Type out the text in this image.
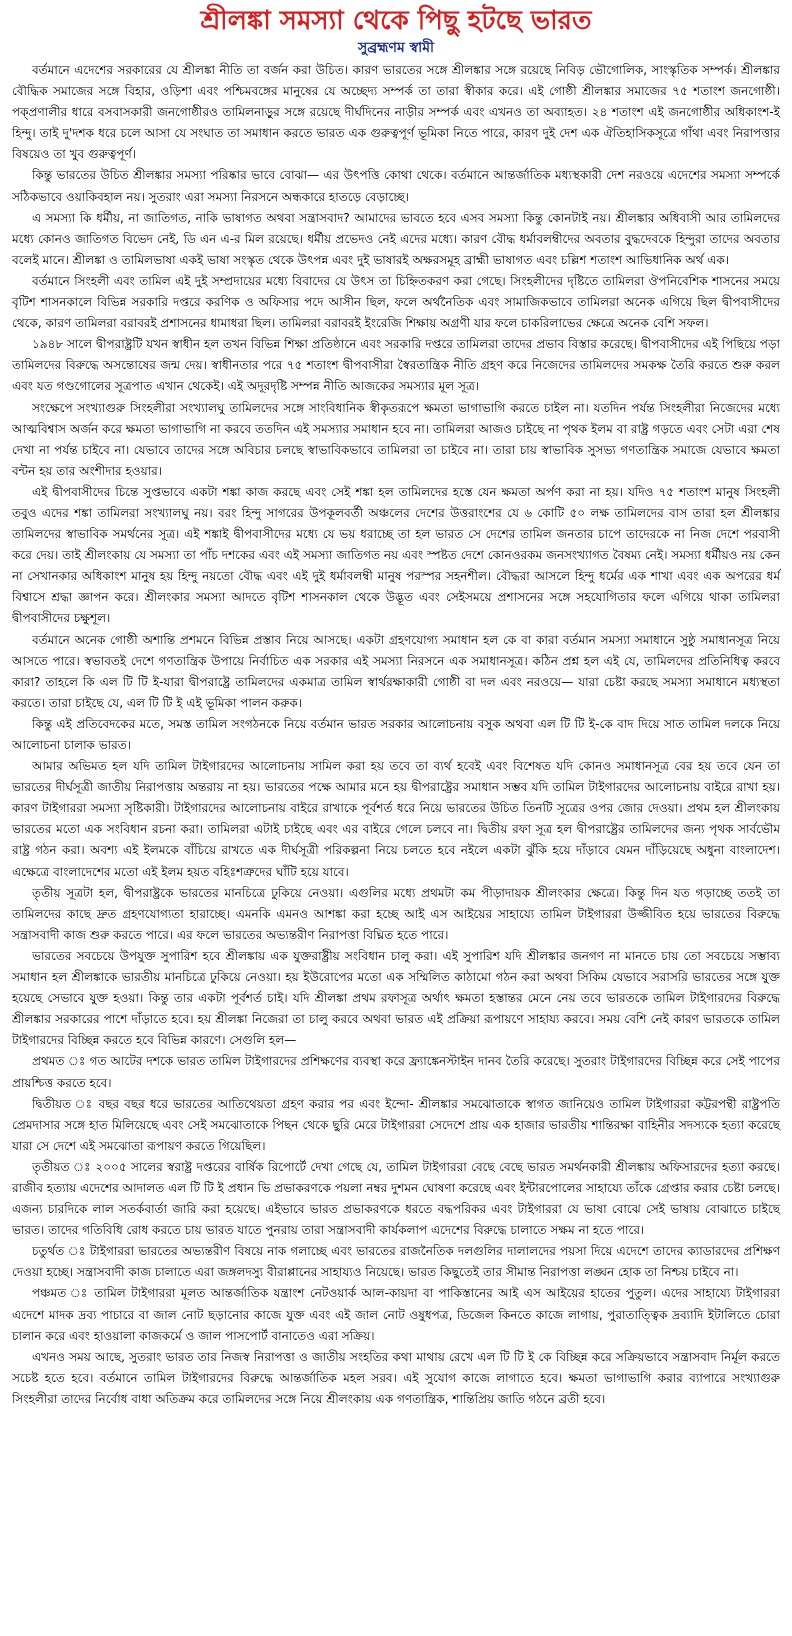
শ্রীলঙ্কা সমস্যা থেকে পিছু হটছে ভারত
সুব্রহ্মণম স্বামী

বর্তমানে এদেশের সরকারের যে শ্রীলঙ্কা নীতি তা বর্জন করা উচিত। কারণ ভারতের সঙ্গে শ্রীলঙ্কার সঙ্গে রয়েছে নিবিড় ভৌগোলিক, সাংস্কৃতিক সম্পর্ক। শ্রীলঙ্কার বৌদ্ধিক সমাজের সঙ্গে বিহার, ওড়িশা এবং পশ্চিমবঙ্গের মানুষের যে অচ্ছেদ্য সম্পর্ক তা তারা স্বীকার করে। এই গোষ্ঠী শ্রীলঙ্কার সমাজের ৭৫ শতাংশ জনগোষ্ঠী। পক্প্রণালীর ধারে বসবাসকারী জনগোষ্ঠীরও তামিলনাড়ুর সঙ্গে রয়েছে দীর্ঘদিনের নাড়ীর সম্পর্ক এবং এখনও তা অব্যাহত। ২৪ শতাংশ এই জনগোষ্ঠীর অধিকাংশ-ই হিন্দু। তাই দু'দশক ধরে চলে আসা যে সংঘাত তা সমাধান করতে ভারত এক গুরুত্বপূর্ণ ভূমিকা নিতে পারে, কারণ দুই দেশ এক ঐতিহাসিকসূত্রে গাঁথা এবং নিরাপত্তার বিষয়েও তা খুব গুরুত্বপূর্ণ।

কিন্তু ভারতের উচিত শ্রীলঙ্কার সমস্যা পরিষ্কার ভাবে বোঝা— এর উৎপত্তি কোথা থেকে। বর্তমানে আন্তর্জাতিক মধ্যস্থকারী দেশ নরওয়ে এদেশের সমস্যা সম্পর্কে সঠিকভাবে ওয়াকিবহাল নয়। সুতরাং এরা সমস্যা নিরসনে অন্ধকারে হাতড়ে বেড়াচ্ছে।

এ সমস্যা কি ধর্মীয়, না জাতিগত, নাকি ভাষাগত অথবা সন্ত্রাসবাদ? আমাদের ভাবতে হবে এসব সমস্যা কিন্তু কোনটাই নয়। শ্রীলঙ্কার অধিবাসী আর তামিলদের মধ্যে কোনও জাতিগত বিভেদ নেই, ডি এন এ-র মিল রয়েছে। ধর্মীয় প্রভেদও নেই এদের মধ্যে। কারণ বৌদ্ধ ধর্মাবলম্বীদের অবতার বুদ্ধদেবকে হিন্দুরা তাদের অবতার বলেই মানে। শ্রীলঙ্কা ও তামিলভাষা একই ভাষা সংস্কৃত থেকে উৎপন্ন এবং দুই ভাষারই অক্ষরসমূহ ব্রাহ্মী ভাষাগত এবং চল্লিশ শতাংশ আভিধানিক অর্থ এক।

বর্তমানে সিংহলী এবং তামিল এই দুই সম্প্রদায়ের মধ্যে বিবাদের যে উৎস তা চিহ্নিতকরণ করা গেছে। সিংহলীদের দৃষ্টিতে তামিলরা ঔপনিবেশিক শাসনের সময়ে বৃটিশ শাসনকালে বিভিন্ন সরকারি দপ্তরে করণিক ও অফিসার পদে আসীন ছিল, ফলে অর্থনৈতিক এবং সামাজিকভাবে তামিলরা অনেক এগিয়ে ছিল দ্বীপবাসীদের থেকে, কারণ তামিলরা বরাবরই প্রশাসনের ধামাধরা ছিল। তামিলরা বরাবরই ইংরেজি শিক্ষায় অগ্রণী যার ফলে চাকরিলাভের ক্ষেত্রে অনেক বেশি সফল।

১৯৪৮ সালে দ্বীপরাষ্ট্রটি যখন স্বাধীন হল তখন বিভিন্ন শিক্ষা প্রতিষ্ঠানে এবং সরকারি দপ্তরে তামিলরা তাদের প্রভাব বিস্তার করেছে। দ্বীপবাসীদের এই পিছিয়ে পড়া তামিলদের বিরুদ্ধে অসন্তোষের জন্ম দেয়। স্বাধীনতার পরে ৭৫ শতাংশ দ্বীপবাসীরা স্বৈরতান্ত্রিক নীতি গ্রহণ করে নিজেদের তামিলদের সমকক্ষ তৈরি করতে শুরু করল এবং যত গণ্ডগোলের সূত্রপাত এখান থেকেই। এই অদূরদৃষ্টি সম্পন্ন নীতি আজকের সমস্যার মূল সূত্র।

সংক্ষেপে সংখ্যাগুরু সিংহলীরা সংখ্যালঘু তামিলদের সঙ্গে সাংবিধানিক স্বীকৃতরূপে ক্ষমতা ভাগাভাগি করতে চাইল না। যতদিন পর্যন্ত সিংহলীরা নিজেদের মধ্যে আত্মবিশ্বাস অর্জন করে ক্ষমতা ভাগাভাগি না করবে ততদিন এই সমস্যার সমাধান হবে না। তামিলরা আজও চাইছে না পৃথক ইলম বা রাষ্ট্র গড়তে এবং সেটা এরা শেষ দেখা না পর্যন্ত চাইবে না। যেভাবে তাদের সঙ্গে অবিচার চলছে স্বাভাবিকভাবে তামিলরা তা চাইবে না। তারা চায় স্বাভাবিক সুসভ্য গণতান্ত্রিক সমাজে যেভাবে ক্ষমতা বন্টন হয় তার অংশীদার হওয়ার।

এই দ্বীপবাসীদের চিন্তে সুপ্তভাবে একটা শঙ্কা কাজ করছে এবং সেই শঙ্কা হল তামিলদের হস্তে যেন ক্ষমতা অর্পণ করা না হয়। যদিও ৭৫ শতাংশ মানুষ সিংহলী তবুও এদের শঙ্কা তামিলরা সংখ্যালঘু নয়। বরং হিন্দু সাগরের উপকূলবর্তী অঞ্চলের দেশের উত্তরাংশের যে ৬ কোটি ৫০ লক্ষ তামিলদের বাস তারা হল শ্রীলঙ্কার তামিলদের স্বাভাবিক সমর্থনের সূত্র। এই শঙ্কাই দ্বীপবাসীদের মধ্যে যে ভয় ধরাচ্ছে তা হল ভারত সে দেশের তামিল জনতার চাপে তাদেরকে না নিজ দেশে পরবাসী করে দেয়। তাই শ্রীলংকায় যে সমস্যা তা পাঁচ দশকের এবং এই সমস্যা জাতিগত নয় এবং স্পষ্টত দেশে কোনওরকম জনসংখ্যাগত বৈষম্য নেই। সমস্যা ধর্মীয়ও নয় কেন না সেখানকার অধিকাংশ মানুষ হয় হিন্দু নয়তো বৌদ্ধ এবং এই দুই ধর্মাবলম্বী মানুষ পরস্পর সহনশীল। বৌদ্ধরা আসলে হিন্দু ধর্মের এক শাখা এবং এক অপরের ধর্ম বিশ্বাসে শ্রদ্ধা জ্ঞাপন করে। শ্রীলংকার সমস্যা আদতে বৃটিশ শাসনকাল থেকে উদ্ভূত এবং সেইসময়ে প্রশাসনের সঙ্গে সহযোগিতার ফলে এগিয়ে থাকা তামিলরা দ্বীপবাসীদের চক্ষুশূল।

বর্তমানে অনেক গোষ্ঠী অশান্তি প্রশমনে বিভিন্ন প্রস্তাব নিয়ে আসছে। একটা গ্রহণযোগ্য সমাধান হল কে বা কারা বর্তমান সমস্যা সমাধানে সুষ্ঠু সমাধানসূত্র নিয়ে আসতে পারে। স্বভাবতই দেশে গণতান্ত্রিক উপায়ে নির্বাচিত এক সরকার এই সমস্যা নিরসনে এক সমাধানসূত্র। কঠিন প্রশ্ন হল এই যে, তামিলদের প্রতিনিধিত্ব করবে কারা? তাহলে কি এল টি টি ই-যারা দ্বীপরাষ্ট্রে তামিলদের একমাত্র তামিল স্বার্থরক্ষাকারী গোষ্ঠী বা দল এবং নরওয়ে— যারা চেষ্টা করছে সমস্যা সমাধানে মধ্যস্থতা করতে। তারা চাইছে যে, এল টি টি ই এই ভূমিকা পালন করুক।

কিন্তু এই প্রতিবেদকের মতে, সমস্ত তামিল সংগঠনকে নিয়ে বর্তমান ভারত সরকার আলোচনায় বসুক অথবা এল টি টি ই-কে বাদ দিয়ে সাত তামিল দলকে নিয়ে আলোচনা চালাক ভারত।

আমার অভিমত হল যদি তামিল টাইগারদের আলোচনায় সামিল করা হয় তবে তা ব্যর্থ হবেই এবং বিশেষত যদি কোনও সমাধানসূত্র বের হয় তবে যেন তা ভারতের দীর্ঘসূত্রী জাতীয় নিরাপত্তায় অন্তরায় না হয়। ভারতের পক্ষে আমার মনে হয় দ্বীপরাষ্ট্রের সমাধান সম্ভব যদি তামিল টাইগারদের আলোচনায় বাইরে রাখা হয়। কারণ টাইগাররা সমস্যা সৃষ্টিকারী। টাইগারদের আলোচনায় বাইরে রাখাকে পূর্বশর্ত ধরে নিয়ে ভারতের উচিত তিনটি সূত্রের ওপর জোর দেওয়া। প্রথম হল শ্রীলংকায় ভারতের মতো এক সংবিধান রচনা করা। তামিলরা এটাই চাইছে এবং এর বাইরে গেলে চলবে না। দ্বিতীয় রফা সূত্র হল দ্বীপরাষ্ট্রের তামিলদের জন্য পৃথক সার্বভৌম রাষ্ট্র গঠন করা। অবশ্য এই ইলমকে বাঁচিয়ে রাখতে এক দীর্ঘসূত্রী পরিকল্পনা নিয়ে চলতে হবে নইলে একটা ঝুঁকি হয়ে দাঁড়াবে যেমন দাঁড়িয়েছে অধুনা বাংলাদেশ। এক্ষেত্রে বাংলাদেশের মতো এই ইলম হয়ত বহিঃশত্রুদের ঘাঁটি হয়ে যাবে।

তৃতীয় সূত্রটা হল, দ্বীপরাষ্ট্রকে ভারতের মানচিত্রে ঢুকিয়ে নেওয়া। এগুলির মধ্যে প্রথমটা কম পীড়াদায়ক শ্রীলংকার ক্ষেত্রে। কিন্তু দিন যত গড়াচ্ছে ততই তা তামিলদের কাছে দ্রুত গ্রহণযোগ্যতা হারাচ্ছে। এমনকি এমনও আশঙ্কা করা হচ্ছে আই এস আইয়ের সাহায্যে তামিল টাইগাররা উজ্জীবিত হয়ে ভারতের বিরুদ্ধে সন্ত্রাসবাদী কাজ শুরু করতে পারে। এর ফলে ভারতের অভ্যন্তরীণ নিরাপত্তা বিঘ্নিত হতে পারে।

ভারতের সবচেয়ে উপযুক্ত সুপারিশ হবে শ্রীলঙ্কায় এক যুক্তরাষ্ট্রীয় সংবিধান চালু করা। এই সুপারিশ যদি শ্রীলঙ্কার জনগণ না মানতে চায় তো সবচেয়ে সম্ভাব্য সমাধান হল শ্রীলঙ্কাকে ভারতীয় মানচিত্রে ঢুকিয়ে নেওয়া। হয় ইউরোপের মতো এক সম্মিলিত কাঠামো গঠন করা অথবা সিকিম যেভাবে সরাসরি ভারতের সঙ্গে যুক্ত হয়েছে সেভাবে যুক্ত হওয়া। কিন্তু তার একটা পূর্বশর্ত চাই। যদি শ্রীলঙ্কা প্রথম রফাসূত্র অর্থাৎ ক্ষমতা হস্তান্তর মেনে নেয় তবে ভারতকে তামিল টাইগারদের বিরুদ্ধে শ্রীলঙ্কার সরকারের পাশে দাঁড়াতে হবে। হয় শ্রীলঙ্কা নিজেরা তা চালু করবে অথবা ভারত এই প্রক্রিয়া রূপায়ণে সাহায্য করবে। সময় বেশি নেই কারণ ভারতকে তামিল টাইগারদের বিচ্ছিন্ন করতে হবে বিভিন্ন কারণে। সেগুলি হল—

প্রথমত ঃ গত আটের দশকে ভারত তামিল টাইগারদের প্রশিক্ষণের ব্যবস্থা করে ফ্র্যাঙ্কেনস্টাইন দানব তৈরি করেছে। সুতরাং টাইগারদের বিচ্ছিন্ন করে সেই পাপের প্রায়শ্চিত্ত করতে হবে।

দ্বিতীয়ত ঃ বছর বছর ধরে ভারতের আতিথেয়তা গ্রহণ করার পর এবং ইন্দো- শ্রীলঙ্কার সমঝোতাকে স্বাগত জানিয়েও তামিল টাইগাররা কট্টরপন্থী রাষ্ট্রপতি প্রেমদাসার সঙ্গে হাত মিলিয়েছে এবং সেই সমঝোতাকে পিছন থেকে ছুরি মেরে টাইগাররা সেদেশে প্রায় এক হাজার ভারতীয় শান্তিরক্ষা বাহিনীর সদস্যকে হত্যা করেছে যারা সে দেশে এই সমঝোতা রূপায়ণ করতে গিয়েছিল।

তৃতীয়ত ঃ ২০০৫ সালের স্বরাষ্ট্র দপ্তরের বার্ষিক রিপোর্টে দেখা গেছে যে, তামিল টাইগাররা বেছে বেছে ভারত সমর্থনকারী শ্রীলঙ্কায় অফিসারদের হত্যা করছে। রাজীব হত্যায় এদেশের আদালত এল টি টি ই প্রধান ভি প্রভাকরণকে পয়লা নম্বর দুশমন ঘোষণা করেছে এবং ইন্টারপোলের সাহায্যে তাঁকে গ্রেপ্তার করার চেষ্টা চলছে। এজন্য চারদিকে লাল সতর্কবার্তা জারি করা হয়েছে। এইভাবে ভারত প্রভাকরণকে ধরতে বদ্ধপরিকর এবং টাইগাররা যে ভাষা বোঝে সেই ভাষায় বোঝাতে চাইছে ভারত। তাদের গতিবিধি রোধ করতে চায় ভারত যাতে পুনরায় তারা সন্ত্রাসবাদী কার্যকলাপ এদেশের বিরুদ্ধে চালাতে সক্ষম না হতে পারে।

চতুর্থত ঃ টাইগাররা ভারতের অভ্যন্তরীণ বিষয়ে নাক গলাচ্ছে এবং ভারতের রাজনৈতিক দলগুলির দালালদের পয়সা দিয়ে এদেশে তাদের ক্যাডারদের প্রশিক্ষণ দেওয়া হচ্ছে। সন্ত্রাসবাদী কাজ চালাতে এরা জঙ্গলদস্যু বীরাপ্পানের সাহায্যও নিয়েছে। ভারত কিছুতেই তার সীমান্ত নিরাপত্তা লঙ্ঘন হোক তা নিশ্চয় চাইবে না।

পঞ্চমত ঃ তামিল টাইগাররা মূলত আন্তর্জাতিক যন্ত্রাংশ নেটওয়ার্ক আল-কায়দা বা পাকিস্তানের আই এস আইয়ের হাতের পুতুল। এদের সাহায্যে টাইগাররা এদেশে মাদক দ্রব্য পাচারে বা জাল নোট ছড়ানোর কাজে যুক্ত এবং এই জাল নোট ওষুধপত্র, ডিজেল কিনতে কাজে লাগায়, পুরাতাত্ত্বিক দ্রব্যাদি ইটালিতে চোরা চালান করে এবং হাওয়ালা কাজকর্মে ও জাল পাসপোর্ট বানাতেও এরা সক্রিয়।

এখনও সময় আছে, সুতরাং ভারত তার নিজস্ব নিরাপত্তা ও জাতীয় সংহতির কথা মাথায় রেখে এল টি টি ই কে বিচ্ছিন্ন করে সক্রিয়ভাবে সন্ত্রাসবাদ নির্মূল করতে সচেষ্ট হতে হবে। বর্তমানে তামিল টাইগারদের বিরুদ্ধে আন্তর্জাতিক মহল সরব। এই সুযোগ কাজে লাগাতে হবে। ক্ষমতা ভাগাভাগি করার ব্যাপারে সংখ্যাগুরু সিংহলীরা তাদের নির্বোধ বাধা অতিক্রম করে তামিলদের সঙ্গে নিয়ে শ্রীলংকায় এক গণতান্ত্রিক, শান্তিপ্রিয় জাতি গঠনে ব্রতী হবে।
